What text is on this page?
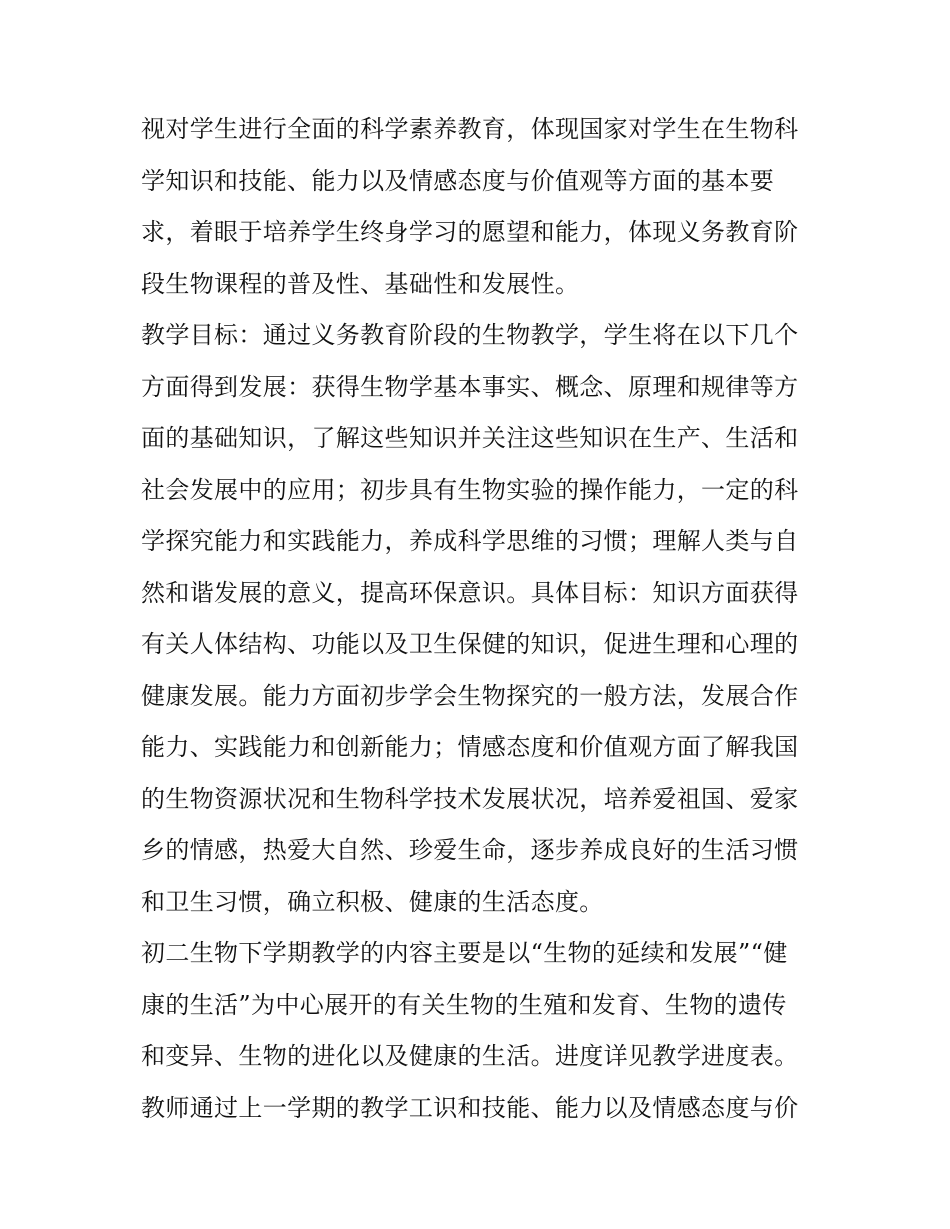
视对学生进行全面的科学素养教育，体现国家对学生在生物科
学知识和技能、能力以及情感态度与价值观等方面的基本要
求，着眼于培养学生终身学习的愿望和能力，体现义务教育阶
段生物课程的普及性、基础性和发展性。
教学目标：通过义务教育阶段的生物教学，学生将在以下几个
方面得到发展：获得生物学基本事实、概念、原理和规律等方
面的基础知识，了解这些知识并关注这些知识在生产、生活和
社会发展中的应用；初步具有生物实验的操作能力，一定的科
学探究能力和实践能力，养成科学思维的习惯；理解人类与自
然和谐发展的意义，提高环保意识。具体目标：知识方面获得
有关人体结构、功能以及卫生保健的知识，促进生理和心理的
健康发展。能力方面初步学会生物探究的一般方法，发展合作
能力、实践能力和创新能力；情感态度和价值观方面了解我国
的生物资源状况和生物科学技术发展状况，培养爱祖国、爱家
乡的情感，热爱大自然、珍爱生命，逐步养成良好的生活习惯
和卫生习惯，确立积极、健康的生活态度。
初二生物下学期教学的内容主要是以“生物的延续和发展”“健
康的生活”为中心展开的有关生物的生殖和发育、生物的遗传
和变异、生物的进化以及健康的生活。进度详见教学进度表。
教师通过上一学期的教学工识和技能、能力以及情感态度与价
